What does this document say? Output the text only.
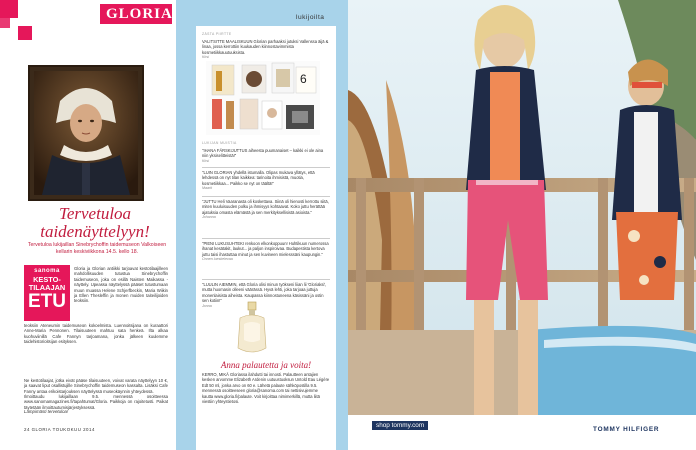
GLORIA
Tervetuloa taidenäyttelyyn!
Tervetuloa lukijaillan Sinebrychoffin taidemuseon Valkoiseen kellarin keskiviikkona 14.5. kello 18.
sanoma
KESTO-TILAAJAN
ETU
Gloria ja Glorian antiikki tarjoavat kestotilaajilleen mahdollisuuden tutustua Sinebrychoffin taidemuseon, joka on esillä Naisten Maikassa -näyttely. Upeassa näyttelyssä pääset tutustumaan muun muassa Helene Schjerfbeckin, Maria Wiikin ja Ellen Thesleffin ja monen muiden taiteilijoiden teoksiin.
teoksiin Ateneumin taidemuseon kokoelmista. Luennoitsijana on kuraattori Anne-Maria Pennonen. Tilaisuuteen mahtuu sata henkeä. Ilta alkaa kuohuviinillä Cafe Fannyn tarjoamana, jonka jälkeen kuulemme taidehistorioitsijan esityksen.
Ne kestotilaajat, jotka eivät pääse tilaisuuteen, voivat varata näyttelyyn 10 €, ja saavat liput osallistujille Sinebrychoffin taidemuseon kassalta. Lisäksi Cafe Fanny antaa erikoistarjouksen näyttelyssä museokäynnin yhteydessä.
Ilmoittaudu lukijaillaan 9.5. mennessä osoitteessa www.sanomamagazines.fi/tapahtumat/Gloria. Paikkoja on rajoitetusti. Paikat täytetään ilmoittautumisjärjestyksessä.
Lämpimästi tervetuloa!
24 GLORIA TOUKOKUU 2014
lukijoilta
ZÄSTA PIIRTTE
VALITSITTE MAALISKUUN Glorian parhaaksi jutuksi Vallenssa äijä & linaa, jossa kerrottiin kuukauden kiinnostavimmista kosmetiikkauutuuksista.
Kirsi
6
LUKIJAN MUISTIA
"IHANA FÄRSKIJUTTUS aiheesta puumanaiset – kaikki ei ole aina niin yksiselitteistä!"
Kirsi
"LUIN GLORIAN yhdellä istumalla. Olipas mukava yllätys, että lehdessä on nyt tilan kaikkea: tarinoita ihmisistä, muotia, kosmetiikkaa... Paikko se nyt on täältä!"
Maarit
"JUTTU Heli Vaaranasta oli koskettava. Siinä oli hienosti kerrottu siitä, miten kuuluisuuden polku ja ihmisyys kohtaavat. Koko juttu herättää ajatuksia omasta elämästä ja sen merkityksellisistä asioista."
Johanna
"PIENI LUKUSUHTEKI renkoon elkonkoppuun! Huhtikuun numerossa ihanat kesätakit, laukut... ja paljon inspiroivaa. Budapestista kertova juttu taisi ihastuttaa minut ja sen kuvineen mielesssäni kaupungin."
Onnen lueskelevaa
"LUULIN AIEMMIN, että Gloria olisi minun työkseni liian lii 'Gloriaksi', mutta huomasin olleeni väärässä. Hyvä lehti, joka tarjoaa juttuja monenlaisista aiheista. Kaupassa kiinnostuneena käsissäni ja ostin sen kotiin!"
Jonna
Anna palautetta ja voita!
KERRO, MIKÄ Gloriassa ilahdutti tai innosti. Palautteen antajien kesken arvomme Elizabeth Ardenin uutuustuoksun Untold Eau Légère Edt 50 ml, jonka arvo on 60 e. Lähetä palaute sähköpostilla 9.5. mennessä osoitteeseen gloria@sanoma.com tai nettisivujemme kautta www.gloria.fi/palaute. Voit kirjoittaa nimimerkillä, mutta liitä viestiin yhteystietosi.
shop tommy.com
TOMMY HILFIGER
